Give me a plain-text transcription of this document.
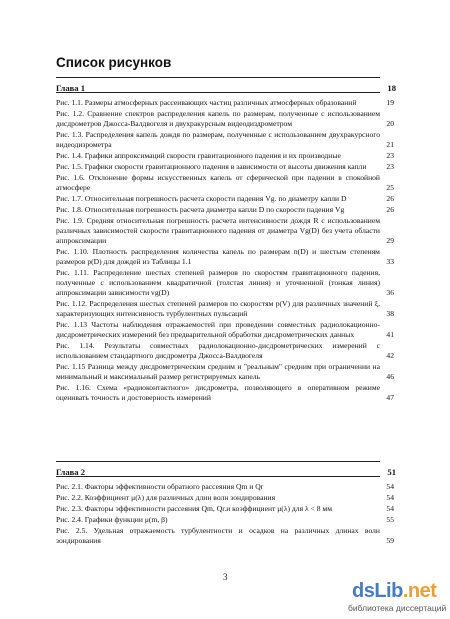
Список рисунков
Глава 1	18
Рис. 1.1. Размеры атмосферных рассеивающих частиц различных атмосферных образований	19
Рис. 1.2. Сравнение спектров распределения капель по размерам, полученные с использованием дисдрометров Джосса-Валдвогеля и двухракурсным видеодиздрометром	20
Рис. 1.3. Распределения капель дождя по размерам, полученные с использованием двухракурсного видеодизрометра	21
Рис. 1.4. Графики аппроксимаций скорости гравитационного падения и их производные	23
Рис. 1.5. Графики скорости гравитационного падения в зависимости от высоты движения капли	23
Рис. 1.6. Отклонение формы искусственных капель от сферической при падении в спокойной атмосфере	25
Рис. 1.7. Относительная погрешность расчета скорости падения Vg. по диаметру капли D	26
Рис. 1.8. Относительная погрешность расчета диаметра капли D по скорости падения Vg	26
Рис. 1.9. Средняя относительная погрешность расчета интенсивности дождя R с использованием различных зависимостей скорости гравитационного падения от диаметра Vg(D) без учета области аппроксимации	29
Рис. 1.10. Плотность распределения количества капель по размерам n(D) и шестым степеням размеров p(D) для дождей из Таблицы 1.1	33
Рис. 1.11. Распределение шестых степеней размеров по скоростям гравитационного падения, полученные с использованием квадратичной (толстая линия) и уточненной (тонкая линия) аппроксимации зависимости vg(D)	36
Рис. 1.12. Распределения шестых степеней размеров по скоростям p(V) для различных значений ξ, характеризующих интенсивность турбулентных пульсаций	38
Рис. 1.13 Частоты наблюдения отражаемостей при проведении совместных радиолокационно-дисдрометрических измерений без предварительной обработки дисдрометрических данных	41
Рис. 1.14. Результаты совместных радиолокационно-дисдрометрических измерений с использованием стандартного дисдрометра Джосса-Валдвогеля	42
Рис. 1.15 Разница между дисдрометрическим средним и "реальным" средним при ограничении на минимальный и максимальный размер регистрируемых капель	46
Рис. 1.16. Схема «радиоконтактного» дисдрометра, позволяющего в оперативном режиме оценивать точность и достоверность измерений	47
Глава 2	51
Рис. 2.1. Факторы эффективности обратного рассеяния Qm и Qr	54
Рис. 2.2. Коэффициент μ(λ) для различных длин волн зондирования	54
Рис. 2.3. Факторы эффективности рассеяния Qm, Qr.и коэффициент μ(λ) для λ < 8 мм	54
Рис. 2.4. Графики функции μ(m, β)	55
Рис. 2.5. Удельная отражаемость турбулентности и осадков на различных длинах волн зондирования	59
3
dsLib.net
библиотека диссертаций
